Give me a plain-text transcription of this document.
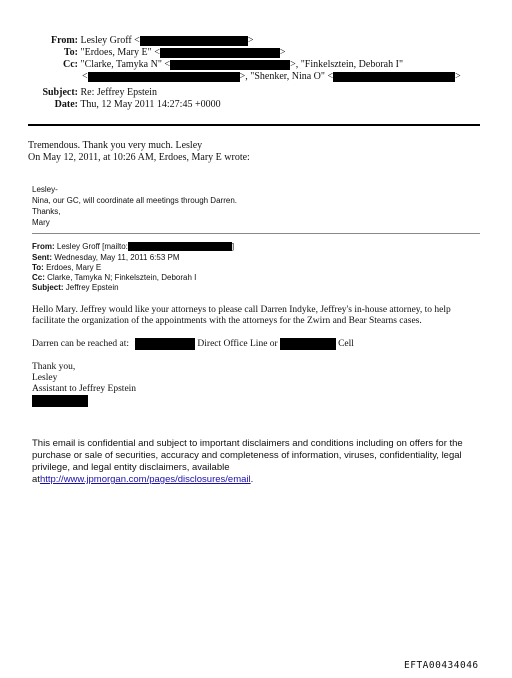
From: Lesley Groff <	>
To: "Erdoes, Mary E" <	>
Cc: "Clarke, Tamyka N" <	>, "Finkelsztein, Deborah I"
<	>, "Shenker, Nina O" <	>
Subject: Re: Jeffrey Epstein
Date: Thu, 12 May 2011 14:27:45 +0000
Tremendous. Thank you very much. Lesley
On May 12, 2011, at 10:26 AM, Erdoes, Mary E wrote:
Lesley-
Nina, our GC, will coordinate all meetings through Darren.
Thanks,
Mary
From: Lesley Groff [mailto:	]
Sent: Wednesday, May 11, 2011 6:53 PM
To: Erdoes, Mary E
Cc: Clarke, Tamyka N; Finkelsztein, Deborah I
Subject: Jeffrey Epstein
Hello Mary. Jeffrey would like your attorneys to please call Darren Indyke, Jeffrey's in-house attorney, to help
facilitate the organization of the appointments with the attorneys for the Zwirn and Bear Stearns cases.
Darren can be reached at:	Direct Office Line or	Cell
Thank you,
Lesley
Assistant to Jeffrey Epstein
This email is confidential and subject to important disclaimers and conditions including on offers for the purchase or sale of securities, accuracy and completeness of information, viruses, confidentiality, legal privilege, and legal entity disclaimers, available
athttp://www.jpmorgan.com/pages/disclosures/email.
EFTA00434046
